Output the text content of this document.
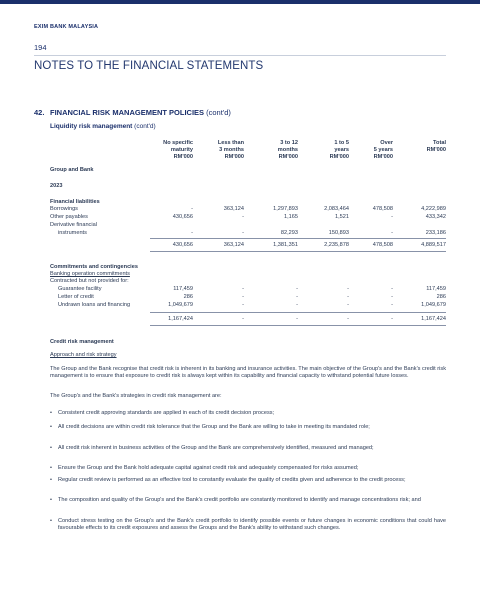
EXIM BANK MALAYSIA
194
NOTES TO THE FINANCIAL STATEMENTS
42. FINANCIAL RISK MANAGEMENT POLICIES (cont'd)
Liquidity risk management (cont'd)
No specific
maturity
RM'000
Less than
3 months
RM'000
3 to 12
months
RM'000
1 to 5
years
RM'000
Over
5 years
RM'000
Total
RM'000
Group and Bank
2023
Financial liabilities
Borrowings	-	363,124	1,297,893	2,083,464	478,508	4,222,989
Other payables	430,656	-	1,165	1,521	-	433,342
Derivative financial
instruments	-	-	82,293	150,893	-	233,186
430,656	363,124	1,381,351	2,235,878	478,508	4,889,517
Commitments and contingencies
Banking operation commitments
Contracted but not provided for:
Guarantee facility	117,459	-	-	-	-	117,459
Letter of credit	286	-	-	-	-	286
Undrawn loans and financing	1,049,679	-	-	-	-	1,049,679
1,167,424	-	-	-	-	1,167,424
Credit risk management
Approach and risk strategy
The Group and the Bank recognise that credit risk is inherent in its banking and insurance activities. The main objective of the Group's and the Bank's credit risk management is to ensure that exposure to credit risk is always kept within its capability and financial capacity to withstand potential future losses.
The Group's and the Bank's strategies in credit risk management are:
• Consistent credit approving standards are applied in each of its credit decision process;
• All credit decisions are within credit risk tolerance that the Group and the Bank are willing to take in meeting its mandated role;
• All credit risk inherent in business activities of the Group and the Bank are comprehensively identified, measured and managed;
• Ensure the Group and the Bank hold adequate capital against credit risk and adequately compensated for risks assumed;
• Regular credit review is performed as an effective tool to constantly evaluate the quality of credits given and adherence to the credit process;
• The composition and quality of the Group's and the Bank's credit portfolio are constantly monitored to identify and manage concentrations risk; and
• Conduct stress testing on the Group's and the Bank's credit portfolio to identify possible events or future changes in economic conditions that could have favourable effects to its credit exposures and assess the Groups and the Bank's ability to withstand such changes.
